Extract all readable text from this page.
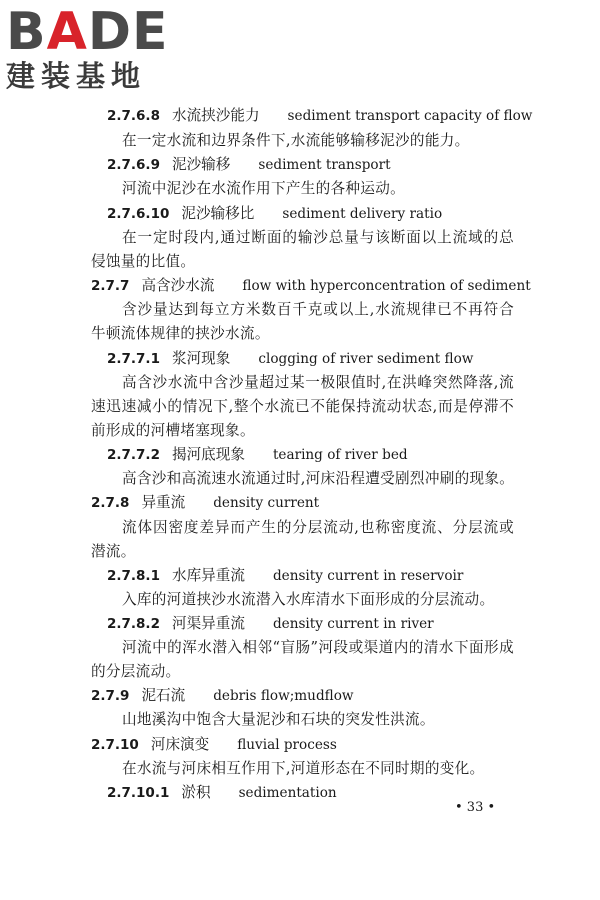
BADE
建装基地
2.7.6.8 水流挟沙能力 sediment transport capacity of flow
在一定水流和边界条件下,水流能够输移泥沙的能力。
2.7.6.9 泥沙输移 sediment transport
河流中泥沙在水流作用下产生的各种运动。
2.7.6.10 泥沙输移比 sediment delivery ratio
在一定时段内,通过断面的输沙总量与该断面以上流域的总
侵蚀量的比值。
2.7.7 高含沙水流 flow with hyperconcentration of sediment
含沙量达到每立方米数百千克或以上,水流规律已不再符合
牛顿流体规律的挟沙水流。
2.7.7.1 浆河现象 clogging of river sediment flow
高含沙水流中含沙量超过某一极限值时,在洪峰突然降落,流
速迅速减小的情况下,整个水流已不能保持流动状态,而是停滞不
前形成的河槽堵塞现象。
2.7.7.2 揭河底现象 tearing of river bed
高含沙和高流速水流通过时,河床沿程遭受剧烈冲刷的现象。
2.7.8 异重流 density current
流体因密度差异而产生的分层流动,也称密度流、分层流或
潜流。
2.7.8.1 水库异重流 density current in reservoir
入库的河道挟沙水流潜入水库清水下面形成的分层流动。
2.7.8.2 河渠异重流 density current in river
河流中的浑水潜入相邻“盲肠”河段或渠道内的清水下面形成
的分层流动。
2.7.9 泥石流 debris flow;mudflow
山地溪沟中饱含大量泥沙和石块的突发性洪流。
2.7.10 河床演变 fluvial process
在水流与河床相互作用下,河道形态在不同时期的变化。
2.7.10.1 淤积 sedimentation
• 33 •
